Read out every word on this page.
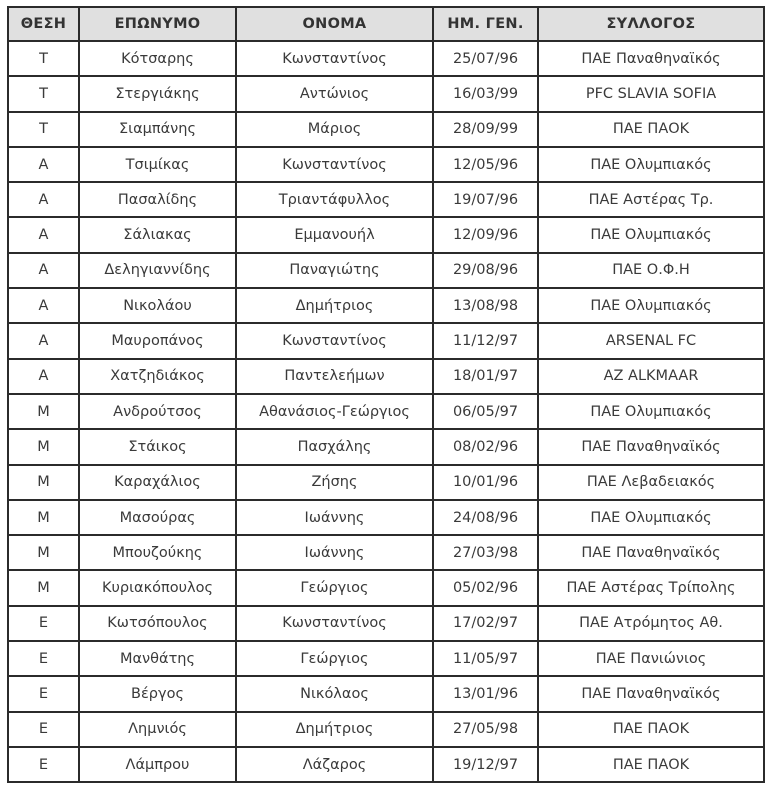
ΘΕΣΗ	ΕΠΩΝΥΜΟ	ΟΝΟΜΑ	ΗΜ. ΓΕΝ.	ΣΥΛΛΟΓΟΣ
Τ	Κότσαρης	Κωνσταντίνος	25/07/96	ΠΑΕ Παναθηναϊκός
Τ	Στεργιάκης	Αντώνιος	16/03/99	PFC SLAVIA SOFIA
Τ	Σιαμπάνης	Μάριος	28/09/99	ΠΑΕ ΠΑΟΚ
Α	Τσιμίκας	Κωνσταντίνος	12/05/96	ΠΑΕ Ολυμπιακός
Α	Πασαλίδης	Τριαντάφυλλος	19/07/96	ΠΑΕ Αστέρας Τρ.
Α	Σάλιακας	Εμμανουήλ	12/09/96	ΠΑΕ Ολυμπιακός
Α	Δεληγιαννίδης	Παναγιώτης	29/08/96	ΠΑΕ Ο.Φ.Η
Α	Νικολάου	Δημήτριος	13/08/98	ΠΑΕ Ολυμπιακός
Α	Μαυροπάνος	Κωνσταντίνος	11/12/97	ARSENAL FC
Α	Χατζηδιάκος	Παντελεήμων	18/01/97	AZ ALKMAAR
Μ	Ανδρούτσος	Αθανάσιος-Γεώργιος	06/05/97	ΠΑΕ Ολυμπιακός
Μ	Στάικος	Πασχάλης	08/02/96	ΠΑΕ Παναθηναϊκός
Μ	Καραχάλιος	Ζήσης	10/01/96	ΠΑΕ Λεβαδειακός
Μ	Μασούρας	Ιωάννης	24/08/96	ΠΑΕ Ολυμπιακός
Μ	Μπουζούκης	Ιωάννης	27/03/98	ΠΑΕ Παναθηναϊκός
Μ	Κυριακόπουλος	Γεώργιος	05/02/96	ΠΑΕ Αστέρας Τρίπολης
Ε	Κωτσόπουλος	Κωνσταντίνος	17/02/97	ΠΑΕ Ατρόμητος Αθ.
Ε	Μανθάτης	Γεώργιος	11/05/97	ΠΑΕ Πανιώνιος
Ε	Βέργος	Νικόλαος	13/01/96	ΠΑΕ Παναθηναϊκός
Ε	Λημνιός	Δημήτριος	27/05/98	ΠΑΕ ΠΑΟΚ
Ε	Λάμπρου	Λάζαρος	19/12/97	ΠΑΕ ΠΑΟΚ
